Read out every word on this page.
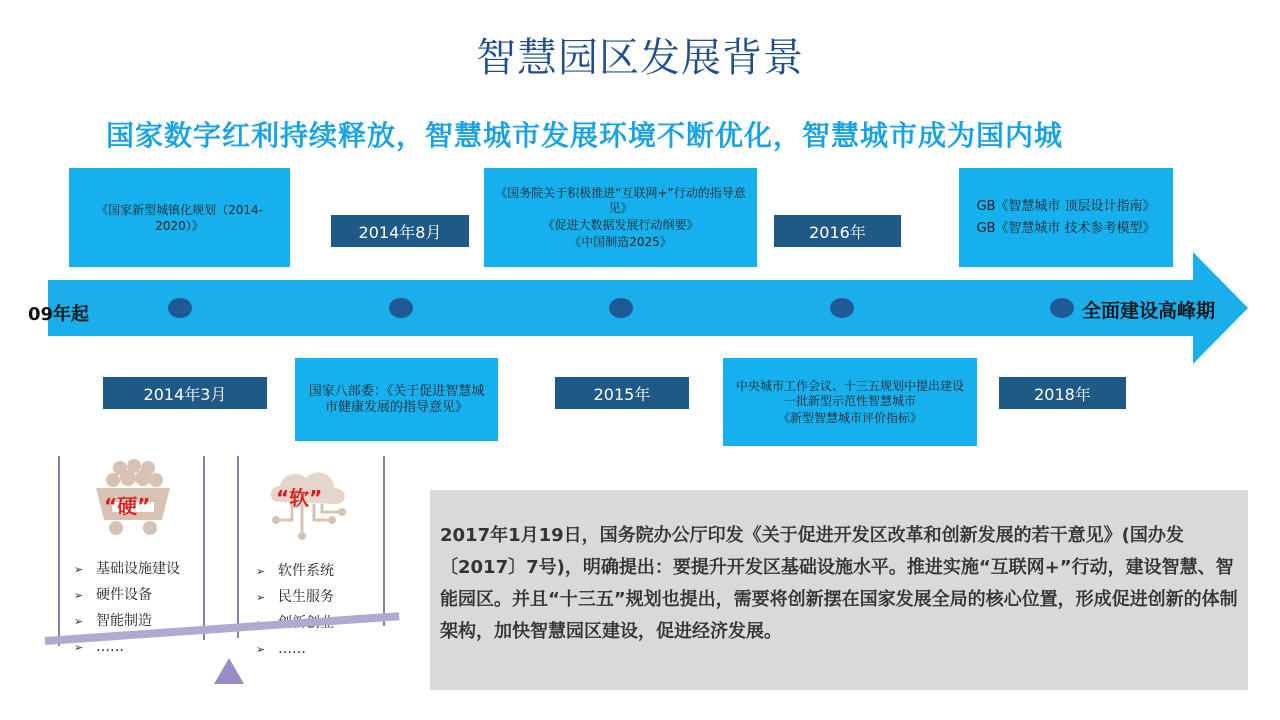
智慧园区发展背景
国家数字红利持续释放，智慧城市发展环境不断优化，智慧城市成为国内城
09年起	全面建设高峰期

《国家新型城镇化规划（2014-2020）》	2014年8月

《国务院关于积极推进“互联网+”行动的指导意见》

《促进大数据发展行动纲要》

《中国制造2025》	2016年

GB《智慧城市 顶层设计指南》

GB《智慧城市 技术参考模型》

2014年3月	国家八部委：《关于促进智慧城市健康发展的指导意见》

2015年	中央城市工作会议、十三五规划中提出建设一批新型示范性智慧城市

《新型智慧城市评价指标》

2018年
“硬”	“软”
➢ 基础设施建设
➢ 硬件设备
➢ 智能制造
➢ ……
➢ 软件系统
➢ 民生服务
➢ ……
2017年1月19日，国务院办公厅印发《关于促进开发区改革和创新发展的若干意见》(国办发〔2017〕7号)，明确提出：要提升开发区基础设施水平。推进实施“互联网+”行动，建设智慧、智能园区。并且“十三五”规划也提出，需要将创新摆在国家发展全局的核心位置，形成促进创新的体制架构，加快智慧园区建设，促进经济发展。
